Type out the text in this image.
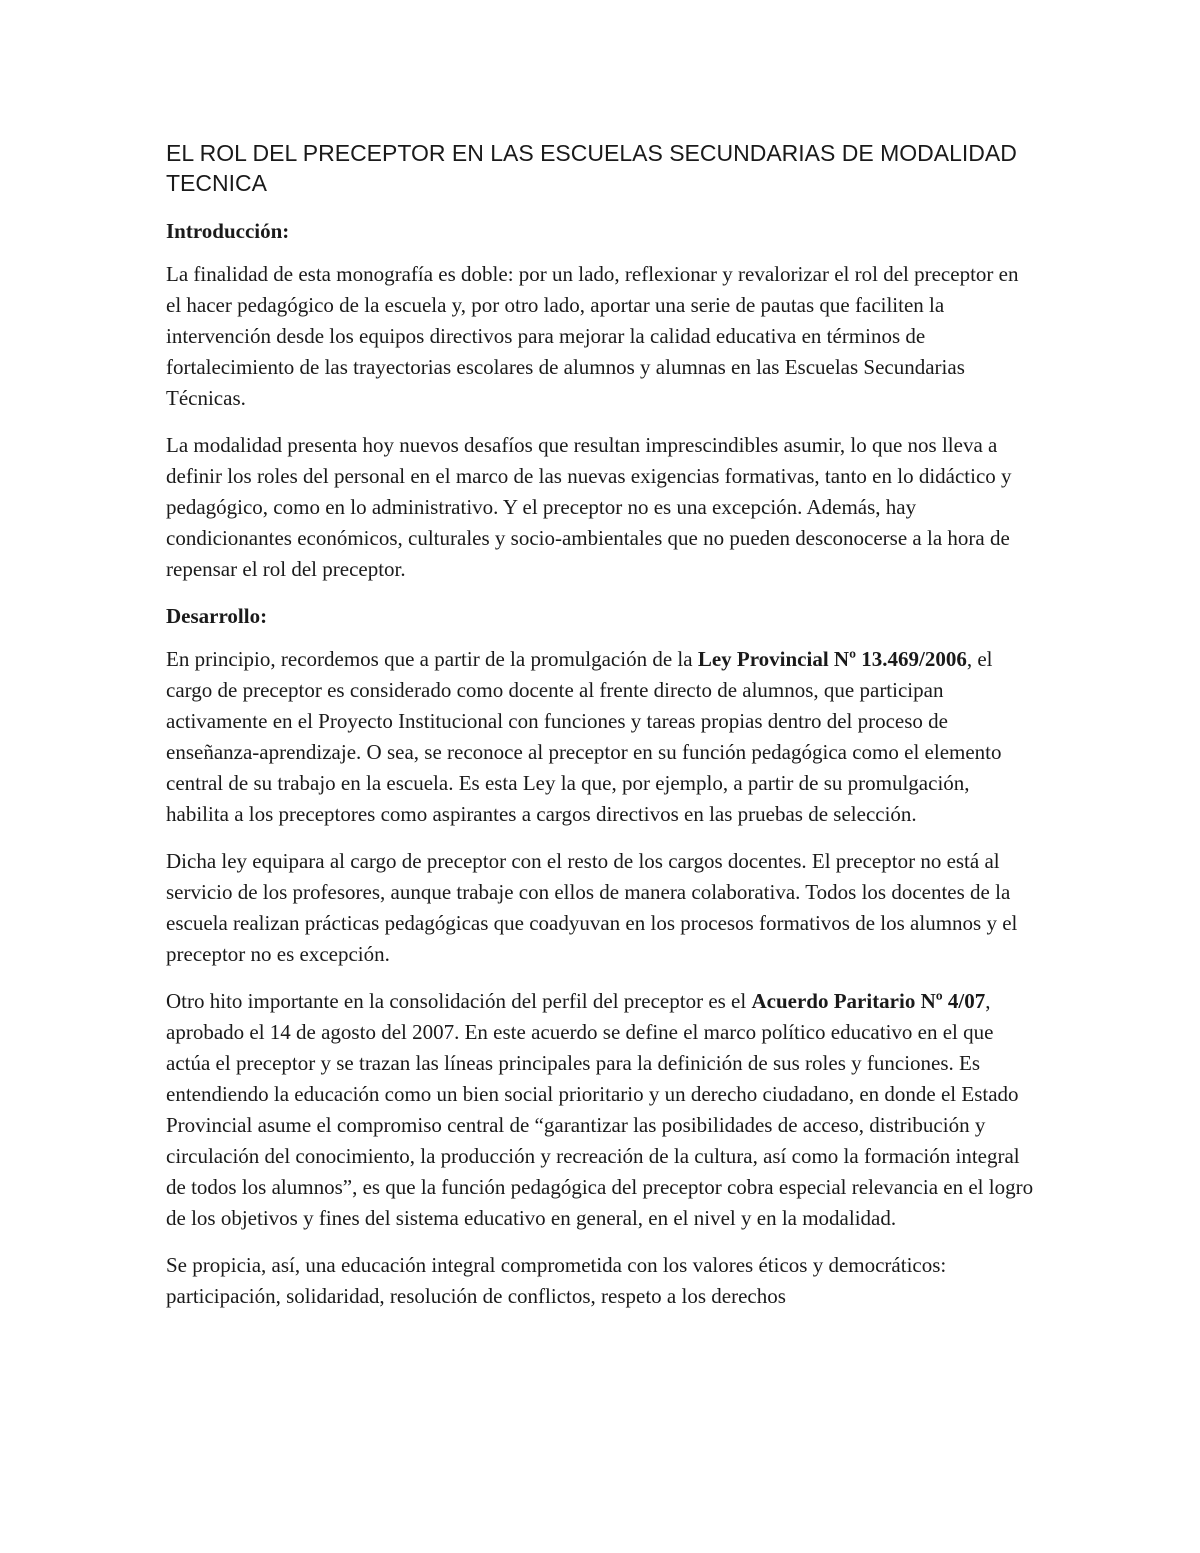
EL ROL DEL PRECEPTOR EN LAS ESCUELAS SECUNDARIAS DE MODALIDAD TECNICA

Introducción:

La finalidad de esta monografía es doble: por un lado, reflexionar y revalorizar el rol del preceptor en el hacer pedagógico de la escuela y, por otro lado, aportar una serie de pautas que faciliten la intervención desde los equipos directivos para mejorar la calidad educativa en términos de fortalecimiento de las trayectorias escolares de alumnos y alumnas en las Escuelas Secundarias Técnicas.

La modalidad presenta hoy nuevos desafíos que resultan imprescindibles asumir, lo que nos lleva a definir los roles del personal en el marco de las nuevas exigencias formativas, tanto en lo didáctico y pedagógico, como en lo administrativo. Y el preceptor no es una excepción. Además, hay condicionantes económicos, culturales y socio-ambientales que no pueden desconocerse a la hora de repensar el rol del preceptor.

Desarrollo:

En principio, recordemos que a partir de la promulgación de la Ley Provincial Nº 13.469/2006, el cargo de preceptor es considerado como docente al frente directo de alumnos, que participan activamente en el Proyecto Institucional con funciones y tareas propias dentro del proceso de enseñanza-aprendizaje. O sea, se reconoce al preceptor en su función pedagógica como el elemento central de su trabajo en la escuela. Es esta Ley la que, por ejemplo, a partir de su promulgación, habilita a los preceptores como aspirantes a cargos directivos en las pruebas de selección.

Dicha ley equipara al cargo de preceptor con el resto de los cargos docentes. El preceptor no está al servicio de los profesores, aunque trabaje con ellos de manera colaborativa. Todos los docentes de la escuela realizan prácticas pedagógicas que coadyuvan en los procesos formativos de los alumnos y el preceptor no es excepción.

Otro hito importante en la consolidación del perfil del preceptor es el Acuerdo Paritario Nº 4/07, aprobado el 14 de agosto del 2007. En este acuerdo se define el marco político educativo en el que actúa el preceptor y se trazan las líneas principales para la definición de sus roles y funciones. Es entendiendo la educación como un bien social prioritario y un derecho ciudadano, en donde el Estado Provincial asume el compromiso central de “garantizar las posibilidades de acceso, distribución y circulación del conocimiento, la producción y recreación de la cultura, así como la formación integral de todos los alumnos”, es que la función pedagógica del preceptor cobra especial relevancia en el logro de los objetivos y fines del sistema educativo en general, en el nivel y en la modalidad.

Se propicia, así, una educación integral comprometida con los valores éticos y democráticos: participación, solidaridad, resolución de conflictos, respeto a los derechos
